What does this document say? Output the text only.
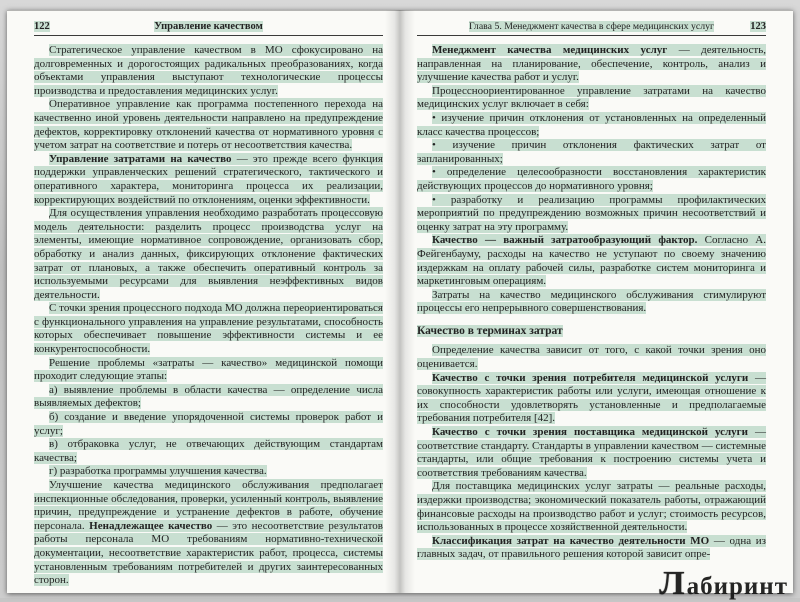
122	Управление качеством

Стратегическое управление качеством в МО сфокусировано на долговременных и дорогостоящих радикальных преобразованиях, когда объектами управления выступают технологические процессы производства и предоставления медицинских услуг.

Оперативное управление как программа постепенного перехода на качественно иной уровень деятельности направлено на предупреждение дефектов, корректировку отклонений качества от нормативного уровня с учетом затрат на соответствие и потерь от несоответствия качества.

Управление затратами на качество — это прежде всего функция поддержки управленческих решений стратегического, тактического и оперативного характера, мониторинга процесса их реализации, корректирующих воздействий по отклонениям, оценки эффективности.

Для осуществления управления необходимо разработать процессовую модель деятельности: разделить процесс производства услуг на элементы, имеющие нормативное сопровождение, организовать сбор, обработку и анализ данных, фиксирующих отклонение фактических затрат от плановых, а также обеспечить оперативный контроль за используемыми ресурсами для выявления неэффективных видов деятельности.

С точки зрения процессного подхода МО должна переориентироваться с функционального управления на управление результатами, способность которых обеспечивает повышение эффективности системы и ее конкурентоспособности.

Решение проблемы «затраты — качество» медицинской помощи проходит следующие этапы:

а) выявление проблемы в области качества — определение числа выявляемых дефектов;

б) создание и введение упорядоченной системы проверок работ и услуг;

в) отбраковка услуг, не отвечающих действующим стандартам качества;

г) разработка программы улучшения качества.

Улучшение качества медицинского обслуживания предполагает инспекционные обследования, проверки, усиленный контроль, выявление причин, предупреждение и устранение дефектов в работе, обучение персонала. Ненадлежащее качество — это несоответствие результатов работы персонала МО требованиям нормативно-технической документации, несоответствие характеристик работ, процесса, системы установленным требованиям потребителей и других заинтересованных сторон.

Глава 5. Менеджмент качества в сфере медицинских услуг	123

Менеджмент качества медицинских услуг — деятельность, направленная на планирование, обеспечение, контроль, анализ и улучшение качества работ и услуг.

Процессноориентированное управление затратами на качество медицинских услуг включает в себя:

• изучение причин отклонения от установленных на определенный класс качества процессов;

• изучение причин отклонения фактических затрат от запланированных;

• определение целесообразности восстановления характеристик действующих процессов до нормативного уровня;

• разработку и реализацию программы профилактических мероприятий по предупреждению возможных причин несоответствий и оценку затрат на эту программу.

Качество — важный затратообразующий фактор. Согласно А. Фейгенбауму, расходы на качество не уступают по своему значению издержкам на оплату рабочей силы, разработке систем мониторинга и маркетинговым операциям.

Затраты на качество медицинского обслуживания стимулируют процессы его непрерывного совершенствования.

Качество в терминах затрат

Определение качества зависит от того, с какой точки зрения оно оценивается.

Качество с точки зрения потребителя медицинской услуги — совокупность характеристик работы или услуги, имеющая отношение к их способности удовлетворять установленные и предполагаемые требования потребителя [42].

Качество с точки зрения поставщика медицинской услуги — соответствие стандарту. Стандарты в управлении качеством — системные стандарты, или общие требования к построению системы учета и соответствия требованиям качества.

Для поставщика медицинских услуг затраты — реальные расходы, издержки производства; экономический показатель работы, отражающий финансовые расходы на производство работ и услуг; стоимость ресурсов, использованных в процессе хозяйственной деятельности.

Классификация затрат на качество деятельности МО — одна из главных задач, от правильного решения которой зависит опре-

Л абиринт
